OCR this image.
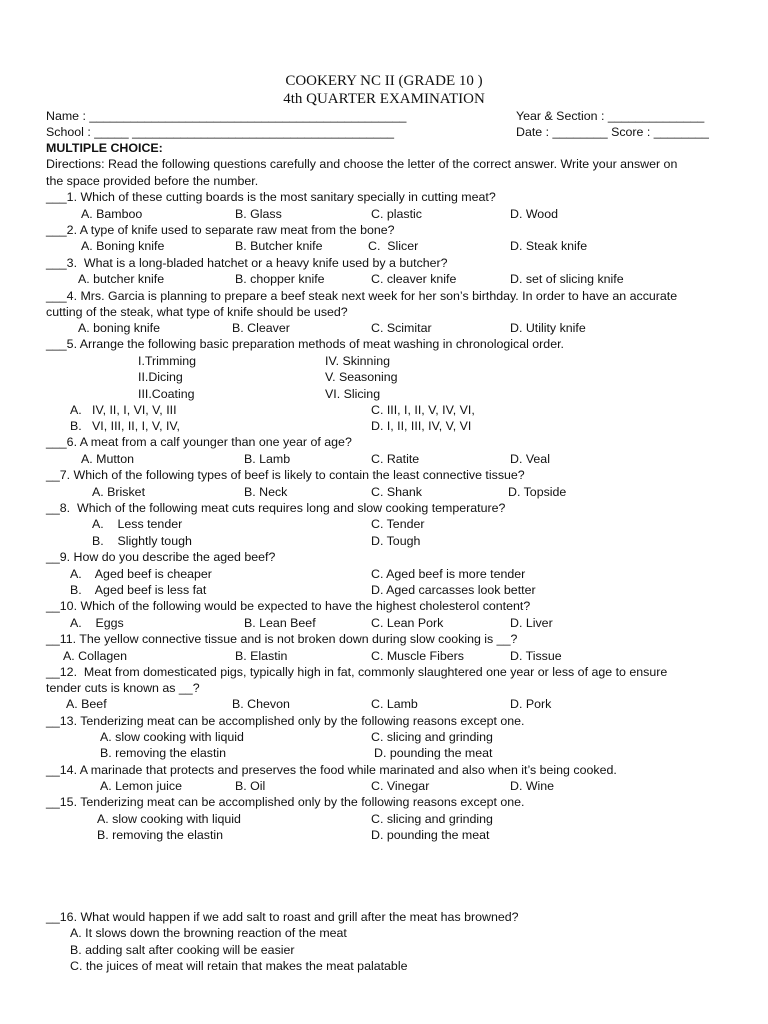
COOKERY NC II (GRADE 10 )
4th QUARTER EXAMINATION
Name : ______________________________________________	Year & Section : ______________
School : _____ ______________________________________	Date : ________ Score : ________
MULTIPLE CHOICE:
Directions: Read the following questions carefully and choose the letter of the correct answer. Write your answer on
the space provided before the number.
___1. Which of these cutting boards is the most sanitary specially in cutting meat?
A. Bamboo	B. Glass	C. plastic	D. Wood
___2. A type of knife used to separate raw meat from the bone?
A. Boning knife	B. Butcher knife	C.  Slicer	D. Steak knife
___3.  What is a long-bladed hatchet or a heavy knife used by a butcher?
A. butcher knife	B. chopper knife	C. cleaver knife	D. set of slicing knife
___4. Mrs. Garcia is planning to prepare a beef steak next week for her son’s birthday. In order to have an accurate
cutting of the steak, what type of knife should be used?
A. boning knife	B. Cleaver	C. Scimitar	D. Utility knife
___5. Arrange the following basic preparation methods of meat washing in chronological order.
I.Trimming	IV. Skinning
II.Dicing	V. Seasoning
III.Coating	VI. Slicing
A.   IV, II, I, VI, V, III	C. III, I, II, V, IV, VI,
B.   VI, III, II, I, V, IV,	D. I, II, III, IV, V, VI
___6. A meat from a calf younger than one year of age?
A. Mutton	B. Lamb	C. Ratite	D. Veal
__7. Which of the following types of beef is likely to contain the least connective tissue?
A. Brisket	B. Neck	C. Shank	D. Topside
__8.  Which of the following meat cuts requires long and slow cooking temperature?
A.    Less tender	C. Tender
B.    Slightly tough	D. Tough
__9. How do you describe the aged beef?
A.    Aged beef is cheaper	C. Aged beef is more tender
B.    Aged beef is less fat	D. Aged carcasses look better
__10. Which of the following would be expected to have the highest cholesterol content?
A.    Eggs	B. Lean Beef	C. Lean Pork	D. Liver
__11. The yellow connective tissue and is not broken down during slow cooking is __?
A. Collagen	B. Elastin	C. Muscle Fibers	D. Tissue
__12.  Meat from domesticated pigs, typically high in fat, commonly slaughtered one year or less of age to ensure
tender cuts is known as __?
A. Beef	B. Chevon	C. Lamb	D. Pork
__13. Tenderizing meat can be accomplished only by the following reasons except one.
A. slow cooking with liquid	C. slicing and grinding
B. removing the elastin	D. pounding the meat
__14. A marinade that protects and preserves the food while marinated and also when it’s being cooked.
A. Lemon juice	B. Oil	C. Vinegar	D. Wine
__15. Tenderizing meat can be accomplished only by the following reasons except one.
A. slow cooking with liquid	C. slicing and grinding
B. removing the elastin	D. pounding the meat
__16. What would happen if we add salt to roast and grill after the meat has browned?
A. It slows down the browning reaction of the meat
B. adding salt after cooking will be easier
C. the juices of meat will retain that makes the meat palatable
